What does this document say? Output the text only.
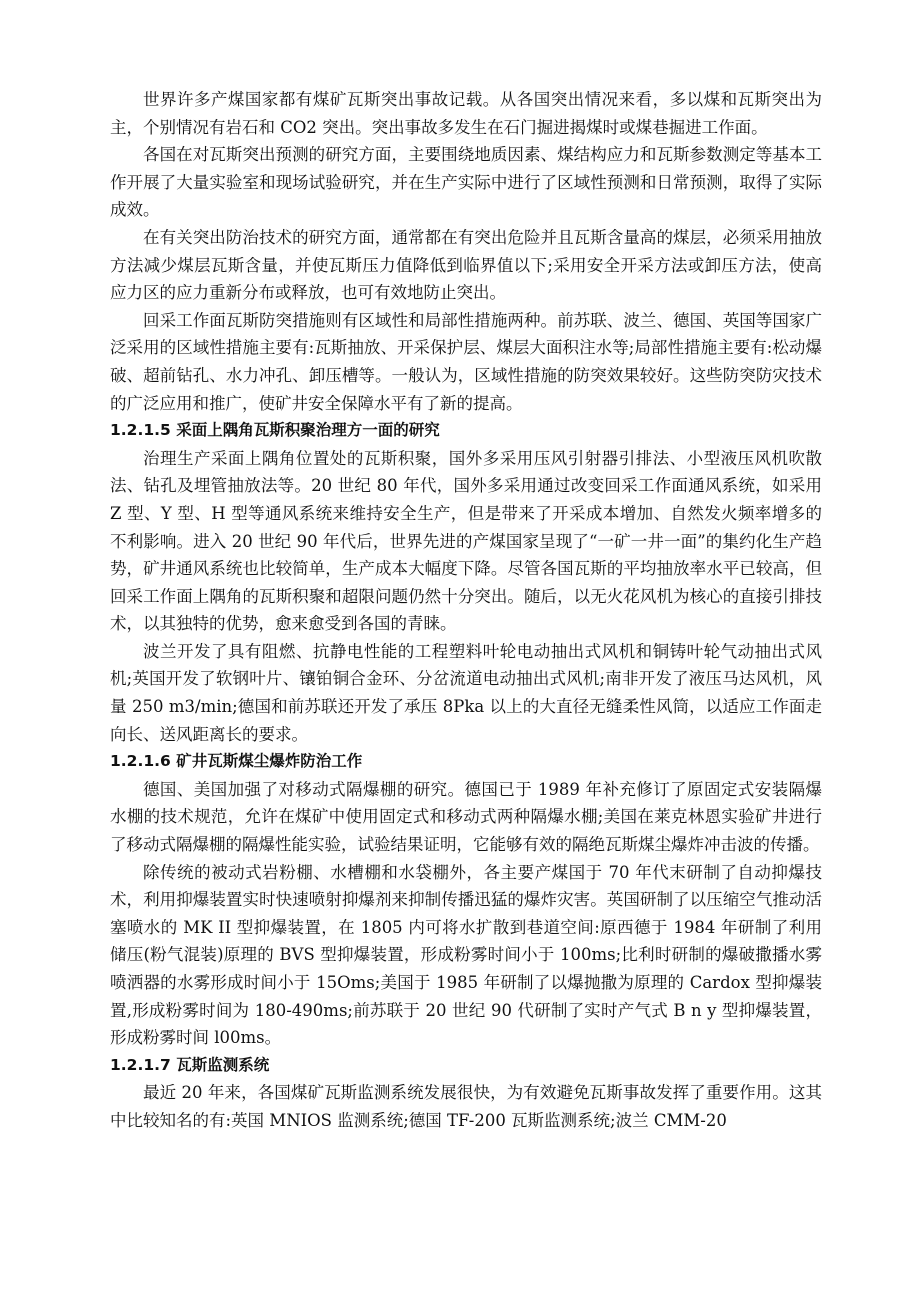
世界许多产煤国家都有煤矿瓦斯突出事故记载。从各国突出情况来看，多以煤和瓦斯突出为主，个别情况有岩石和 CO2 突出。突出事故多发生在石门掘进揭煤时或煤巷掘进工作面。

各国在对瓦斯突出预测的研究方面，主要围绕地质因素、煤结构应力和瓦斯参数测定等基本工作开展了大量实验室和现场试验研究，并在生产实际中进行了区域性预测和日常预测，取得了实际成效。

在有关突出防治技术的研究方面，通常都在有突出危险并且瓦斯含量高的煤层，必须采用抽放方法减少煤层瓦斯含量，并使瓦斯压力值降低到临界值以下;采用安全开采方法或卸压方法，使高应力区的应力重新分布或释放，也可有效地防止突出。

回采工作面瓦斯防突措施则有区域性和局部性措施两种。前苏联、波兰、德国、英国等国家广泛采用的区域性措施主要有:瓦斯抽放、开采保护层、煤层大面积注水等;局部性措施主要有:松动爆破、超前钻孔、水力冲孔、卸压槽等。一般认为，区域性措施的防突效果较好。这些防突防灾技术的广泛应用和推广，使矿井安全保障水平有了新的提高。

1.2.1.5 采面上隅角瓦斯积聚治理方一面的研究

治理生产采面上隅角位置处的瓦斯积聚，国外多采用压风引射器引排法、小型液压风机吹散法、钻孔及埋管抽放法等。20 世纪 80 年代，国外多采用通过改变回采工作面通风系统，如采用 Z 型、Y 型、H 型等通风系统来维持安全生产，但是带来了开采成本增加、自然发火频率增多的不利影响。进入 20 世纪 90 年代后，世界先进的产煤国家呈现了“一矿一井一面”的集约化生产趋势，矿井通风系统也比较简单，生产成本大幅度下降。尽管各国瓦斯的平均抽放率水平已较高，但回采工作面上隅角的瓦斯积聚和超限问题仍然十分突出。随后，以无火花风机为核心的直接引排技术，以其独特的优势，愈来愈受到各国的青睐。

波兰开发了具有阻燃、抗静电性能的工程塑料叶轮电动抽出式风机和铜铸叶轮气动抽出式风机;英国开发了软钢叶片、镶铂铜合金环、分岔流道电动抽出式风机;南非开发了液压马达风机，风量 250 m3/min;德国和前苏联还开发了承压 8Pka 以上的大直径无缝柔性风筒，以适应工作面走向长、送风距离长的要求。

1.2.1.6 矿井瓦斯煤尘爆炸防治工作

德国、美国加强了对移动式隔爆棚的研究。德国已于 1989 年补充修订了原固定式安装隔爆水棚的技术规范，允许在煤矿中使用固定式和移动式两种隔爆水棚;美国在莱克林恩实验矿井进行了移动式隔爆棚的隔爆性能实验，试验结果证明，它能够有效的隔绝瓦斯煤尘爆炸冲击波的传播。

除传统的被动式岩粉棚、水槽棚和水袋棚外，各主要产煤国于 70 年代末研制了自动抑爆技术，利用抑爆装置实时快速喷射抑爆剂来抑制传播迅猛的爆炸灾害。英国研制了以压缩空气推动活塞喷水的 MK II 型抑爆装置，在 1805 内可将水扩散到巷道空间:原西德于 1984 年研制了利用储压(粉气混装)原理的 BVS 型抑爆装置，形成粉雾时间小于 100ms;比利时研制的爆破撒播水雾喷洒器的水雾形成时间小于 15Oms;美国于 1985 年研制了以爆抛撒为原理的 Cardox 型抑爆装置,形成粉雾时间为 180-490ms;前苏联于 20 世纪 90 代研制了实时产气式 B n y 型抑爆装置，形成粉雾时间 l00ms。

1.2.1.7 瓦斯监测系统

最近 20 年来，各国煤矿瓦斯监测系统发展很快，为有效避免瓦斯事故发挥了重要作用。这其中比较知名的有:英国 MNIOS 监测系统;德国 TF-200 瓦斯监测系统;波兰 CMM-20
